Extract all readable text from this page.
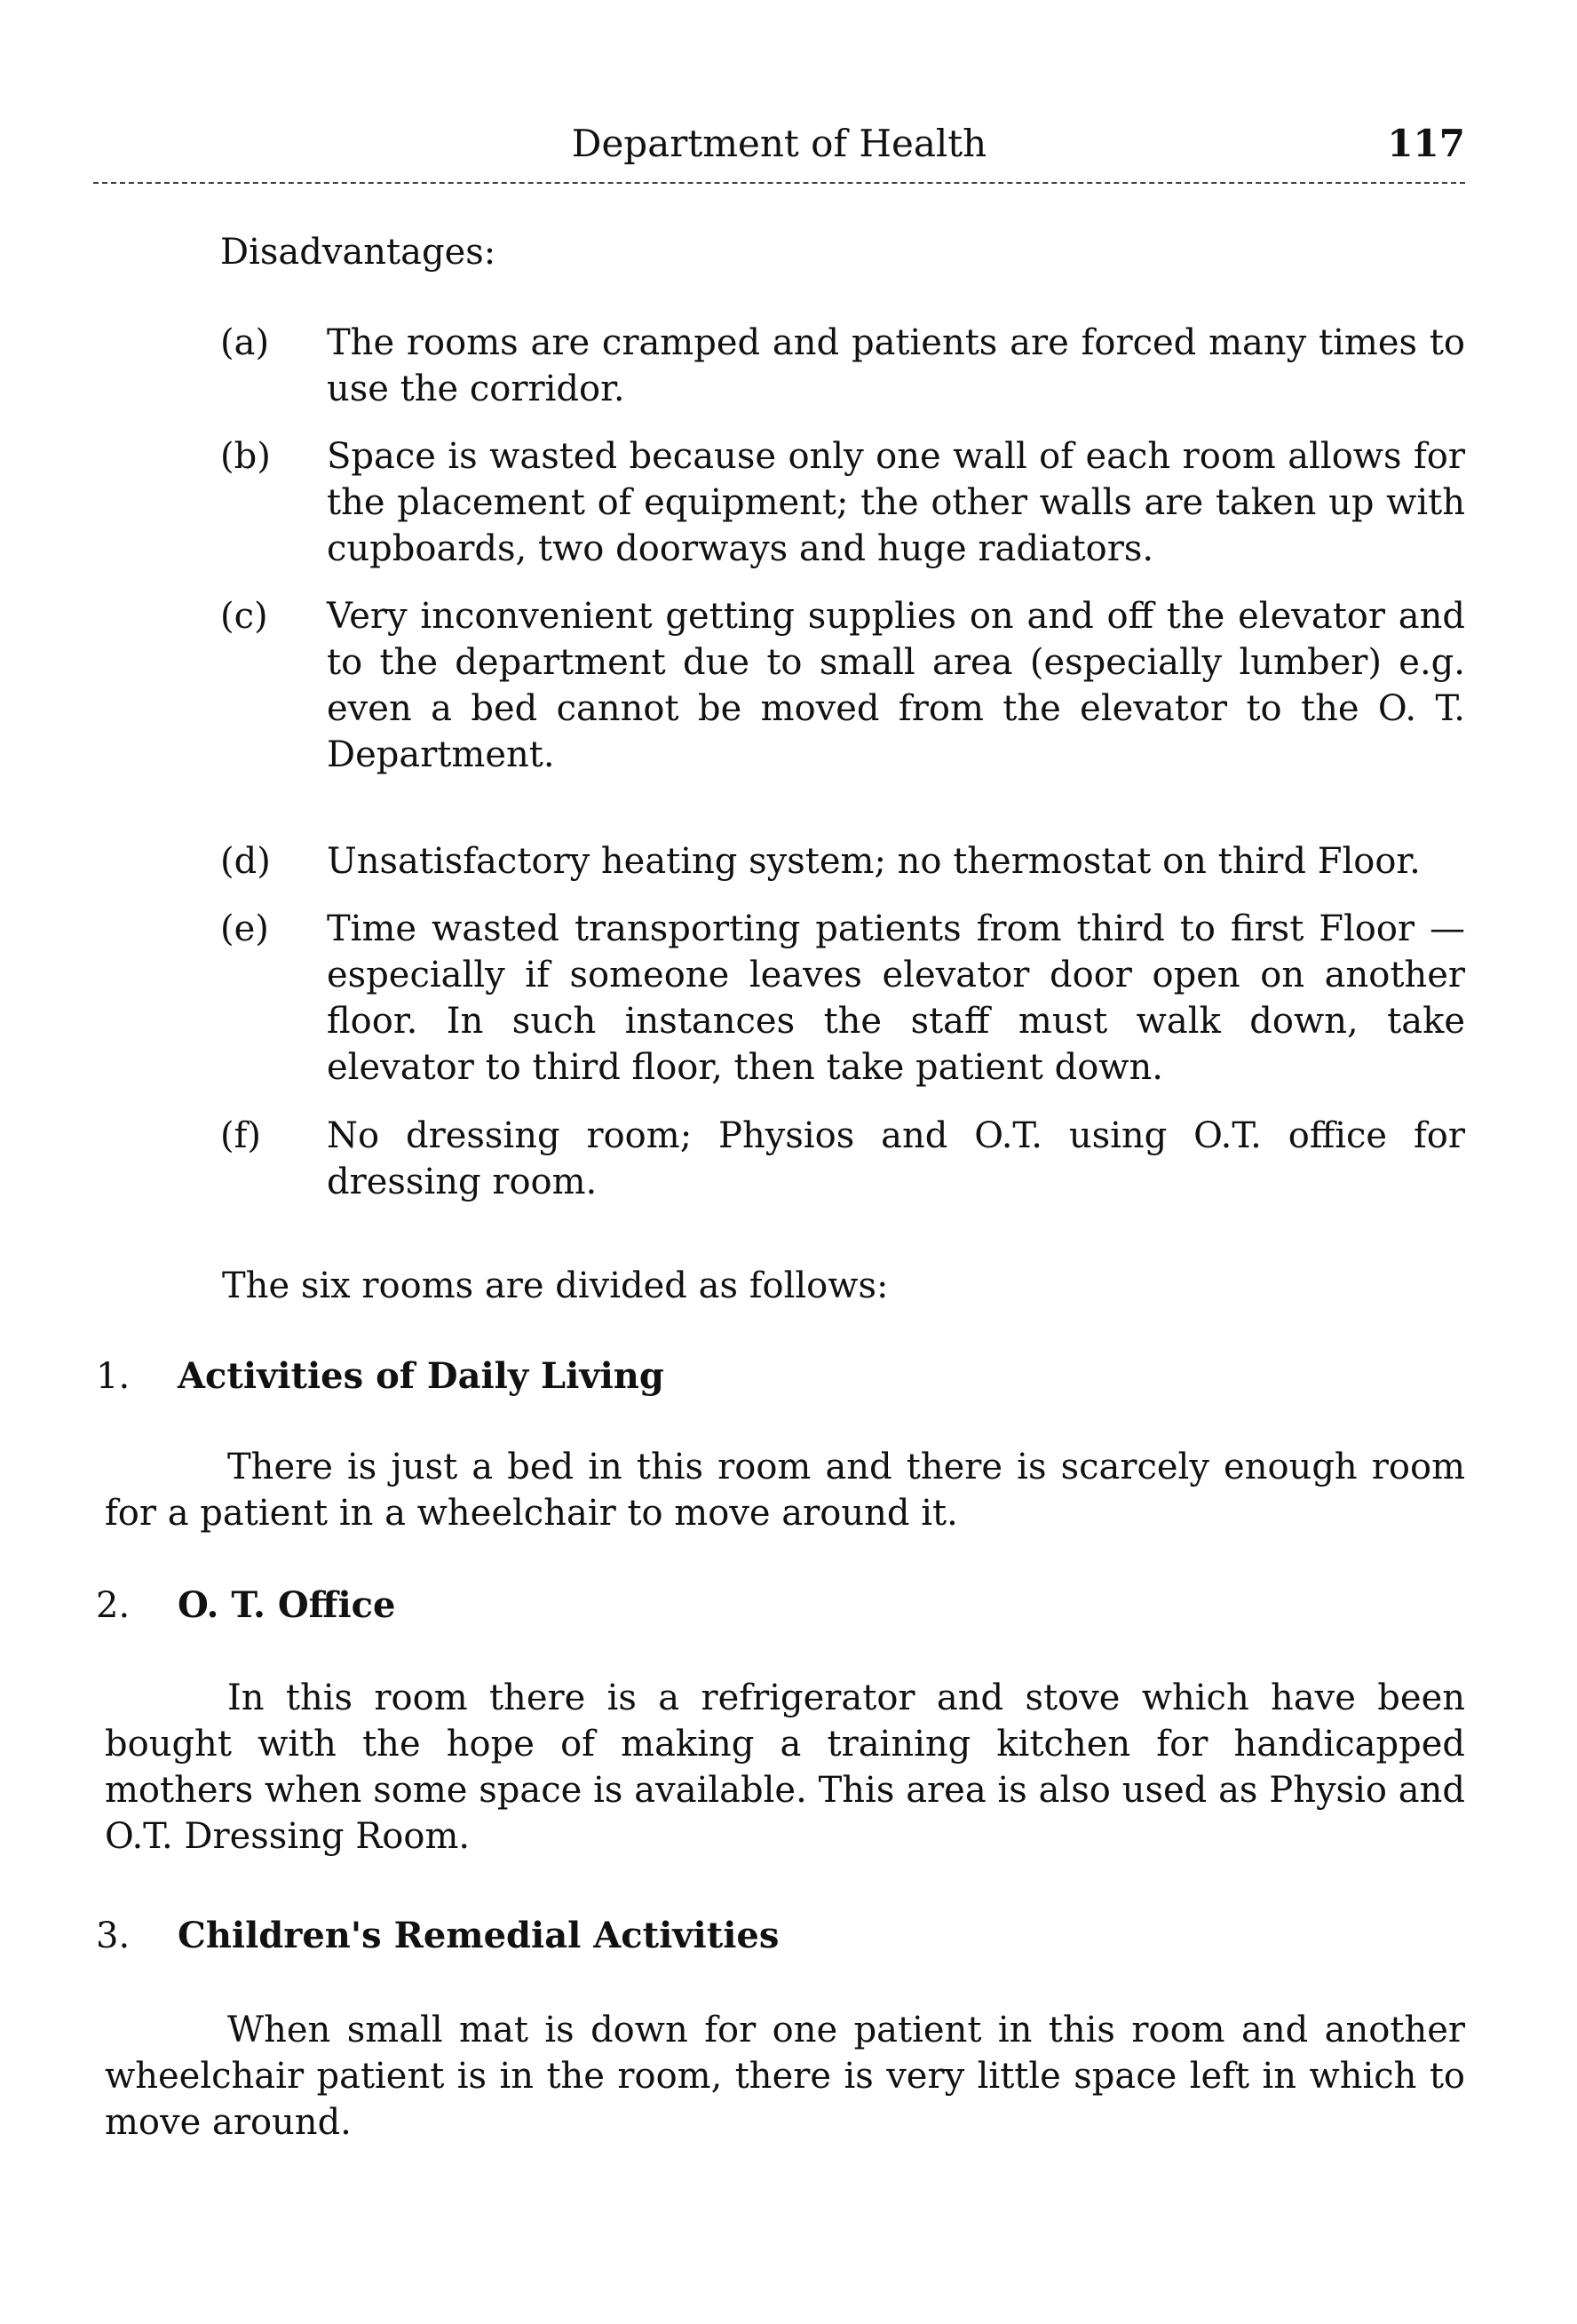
Department of Health	117
Disadvantages:
(a)	The rooms are cramped and patients are forced many times to use the corridor.
(b)	Space is wasted because only one wall of each room allows for the placement of equipment; the other walls are taken up with cupboards, two doorways and huge radiators.
(c)	Very inconvenient getting supplies on and off the elevator and to the department due to small area (especially lumber) e.g. even a bed cannot be moved from the elevator to the O. T. Department.
(d)	Unsatisfactory heating system; no thermostat on third Floor.
(e)	Time wasted transporting patients from third to first Floor — especially if someone leaves elevator door open on another floor. In such instances the staff must walk down, take elevator to third floor, then take patient down.
(f)	No dressing room; Physios and O.T. using O.T. office for dressing room.
The six rooms are divided as follows:
1. Activities of Daily Living
There is just a bed in this room and there is scarcely enough room for a patient in a wheelchair to move around it.
2. O. T. Office
In this room there is a refrigerator and stove which have been bought with the hope of making a training kitchen for handicapped mothers when some space is available. This area is also used as Physio and O.T. Dressing Room.
3. Children's Remedial Activities
When small mat is down for one patient in this room and another wheelchair patient is in the room, there is very little space left in which to move around.
